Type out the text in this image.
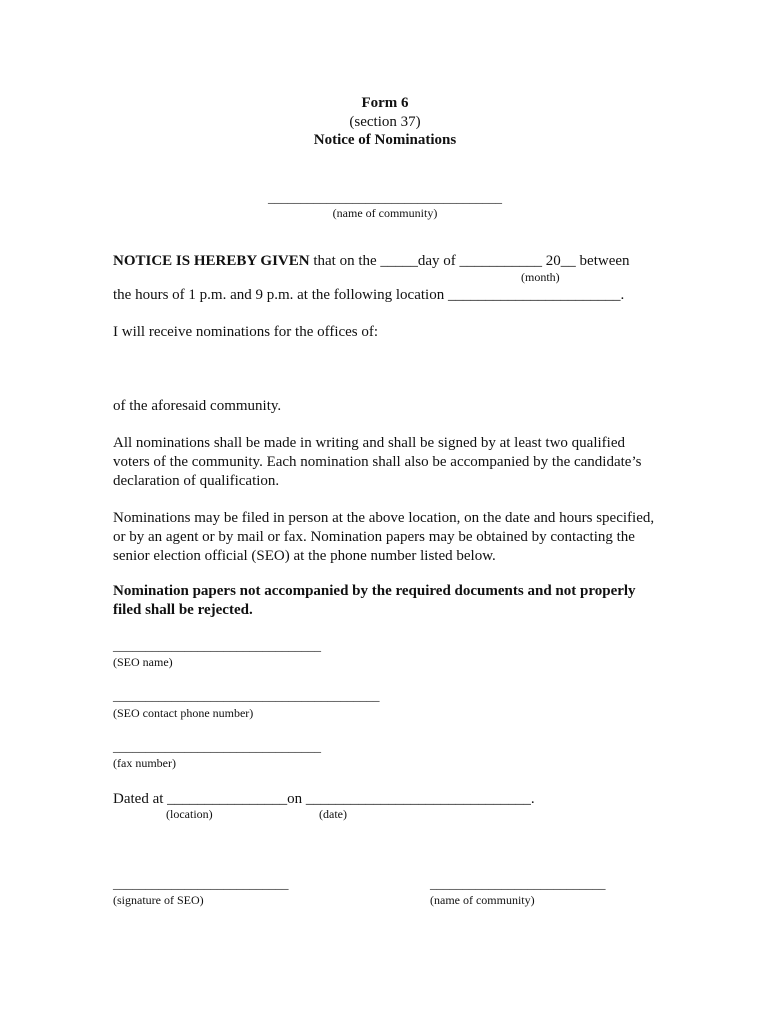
Form 6
(section 37)
Notice of Nominations
____________________________________
(name of community)
NOTICE IS HEREBY GIVEN that on the _____day of ___________ 20__ between
(month)
the hours of 1 p.m. and 9 p.m. at the following location _______________________.
I will receive nominations for the offices of:
of the aforesaid community.
All nominations shall be made in writing and shall be signed by at least two qualified voters of the community. Each nomination shall also be accompanied by the candidate’s declaration of qualification.
Nominations may be filed in person at the above location, on the date and hours specified, or by an agent or by mail or fax. Nomination papers may be obtained by contacting the senior election official (SEO) at the phone number listed below.
Nomination papers not accompanied by the required documents and not properly filed shall be rejected.
________________________________
(SEO name)
_________________________________________
(SEO contact phone number)
________________________________
(fax number)
Dated at ________________on ______________________________.
(location)	(date)
___________________________
(signature of SEO)
___________________________
(name of community)
